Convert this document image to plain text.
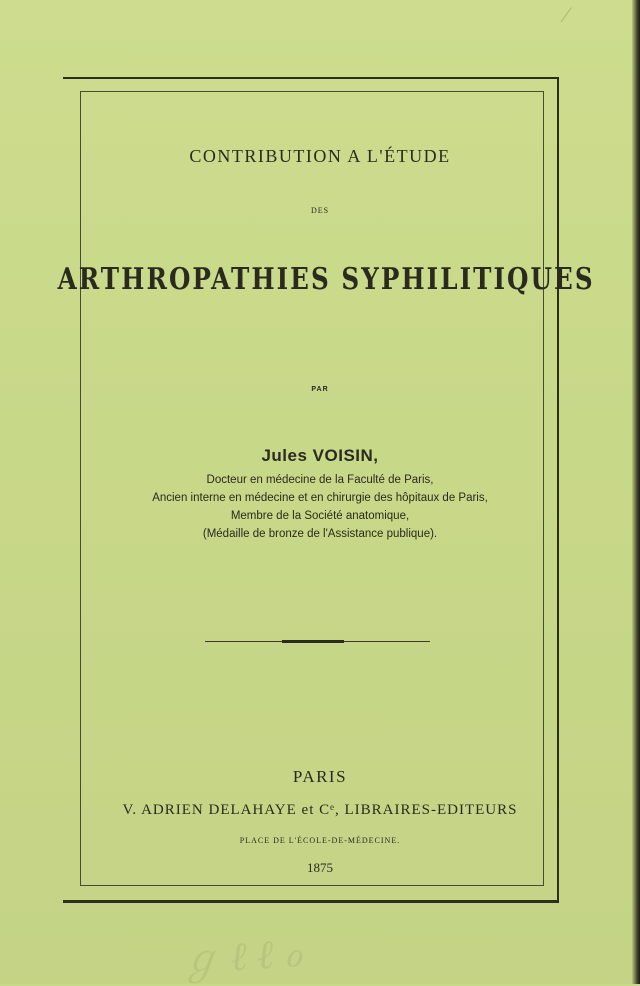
⁄
CONTRIBUTION A L'ÉTUDE
DES
ARTHROPATHIES SYPHILITIQUES
PAR
Jules VOISIN,
Docteur en médecine de la Faculté de Paris,
Ancien interne en médecine et en chirurgie des hôpitaux de Paris,
Membre de la Société anatomique,
(Médaille de bronze de l'Assistance publique).
PARIS
V. ADRIEN DELAHAYE et Cᵉ, LIBRAIRES-EDITEURS
PLACE DE L'ÉCOLE-DE-MÉDECINE.
1875
ℊ ℓ ℓ ℴ
